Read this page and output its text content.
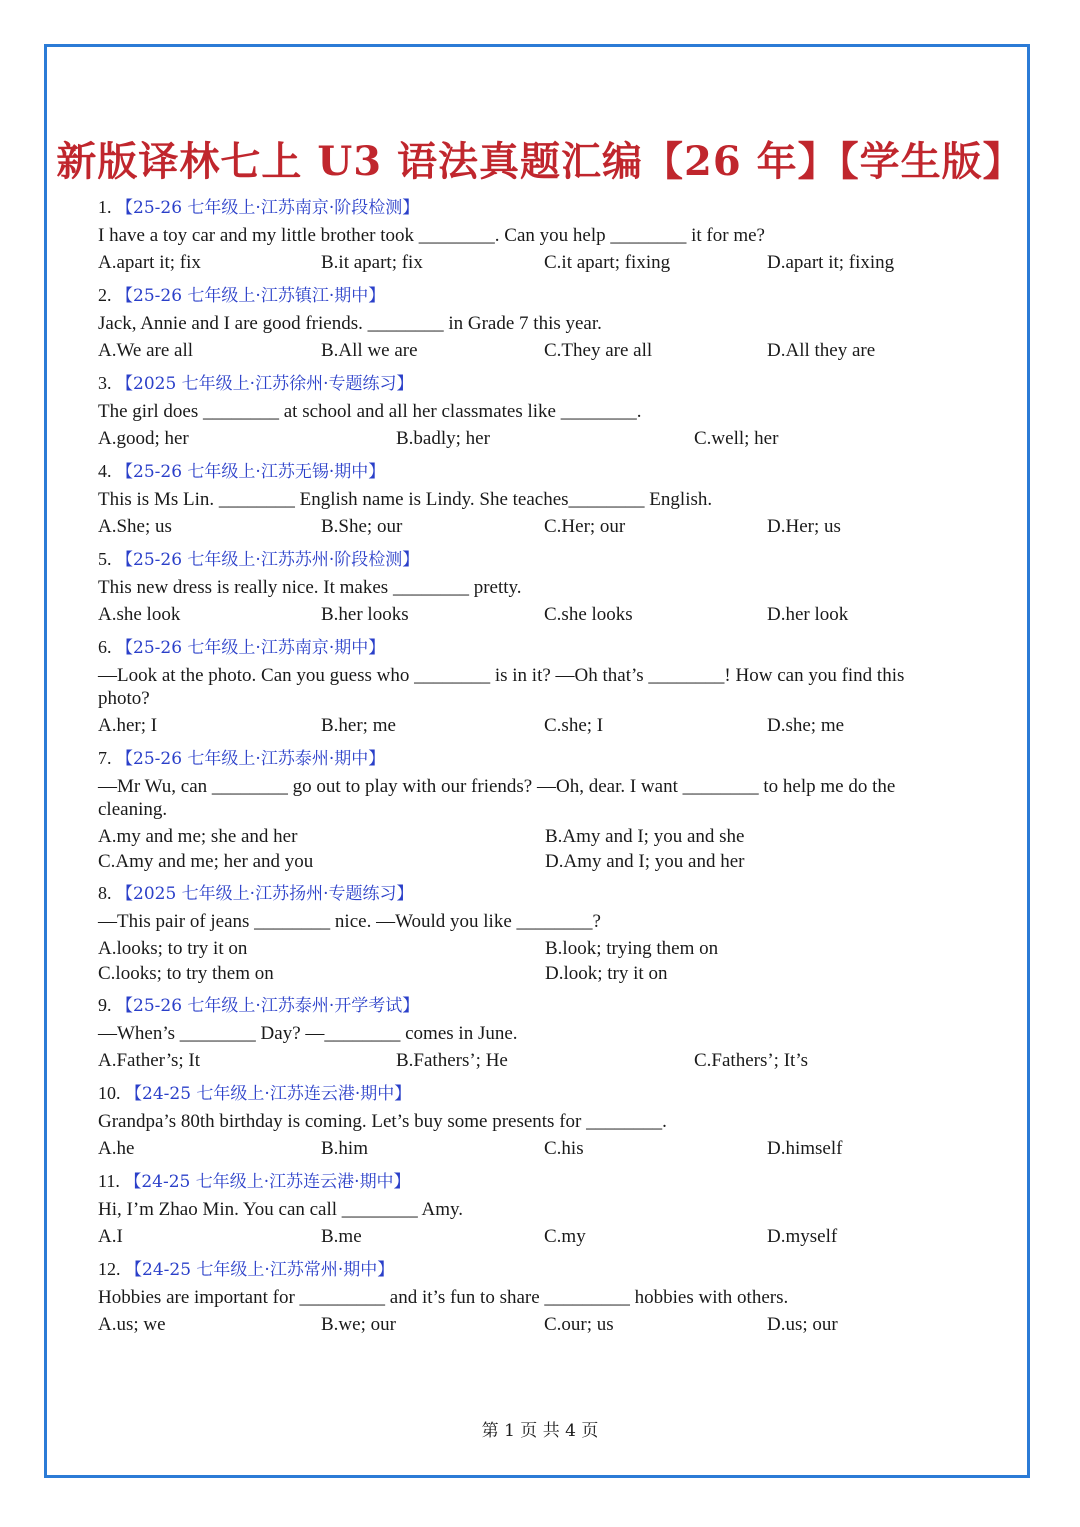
新版译林七上 U3 语法真题汇编【26 年】【学生版】
1. 【25-26 七年级上·江苏南京·阶段检测】
I have a toy car and my little brother took ________. Can you help ________ it for me?
A.apart it; fix	B.it apart; fix	C.it apart; fixing	D.apart it; fixing
2. 【25-26 七年级上·江苏镇江·期中】
Jack, Annie and I are good friends. ________ in Grade 7 this year.
A.We are all	B.All we are	C.They are all	D.All they are
3. 【2025 七年级上·江苏徐州·专题练习】
The girl does ________ at school and all her classmates like ________.
A.good; her	B.badly; her	C.well; her
4. 【25-26 七年级上·江苏无锡·期中】
This is Ms Lin. ________ English name is Lindy. She teaches________ English.
A.She; us	B.She; our	C.Her; our	D.Her; us
5. 【25-26 七年级上·江苏苏州·阶段检测】
This new dress is really nice. It makes ________ pretty.
A.she look	B.her looks	C.she looks	D.her look
6. 【25-26 七年级上·江苏南京·期中】
—Look at the photo. Can you guess who ________ is in it? —Oh that’s ________! How can you find this photo?
A.her; I	B.her; me	C.she; I	D.she; me
7. 【25-26 七年级上·江苏泰州·期中】
—Mr Wu, can ________ go out to play with our friends? —Oh, dear. I want ________ to help me do the cleaning.
A.my and me; she and her	B.Amy and I; you and she
C.Amy and me; her and you	D.Amy and I; you and her
8. 【2025 七年级上·江苏扬州·专题练习】
—This pair of jeans ________ nice. —Would you like ________?
A.looks; to try it on	B.look; trying them on
C.looks; to try them on	D.look; try it on
9. 【25-26 七年级上·江苏泰州·开学考试】
—When’s ________ Day? —________ comes in June.
A.Father’s; It	B.Fathers’; He	C.Fathers’; It’s
10. 【24-25 七年级上·江苏连云港·期中】
Grandpa’s 80th birthday is coming. Let’s buy some presents for ________.
A.he	B.him	C.his	D.himself
11. 【24-25 七年级上·江苏连云港·期中】
Hi, I’m Zhao Min. You can call ________ Amy.
A.I	B.me	C.my	D.myself
12. 【24-25 七年级上·江苏常州·期中】
Hobbies are important for _________ and it’s fun to share _________ hobbies with others.
A.us; we	B.we; our	C.our; us	D.us; our
第 1 页 共 4 页
